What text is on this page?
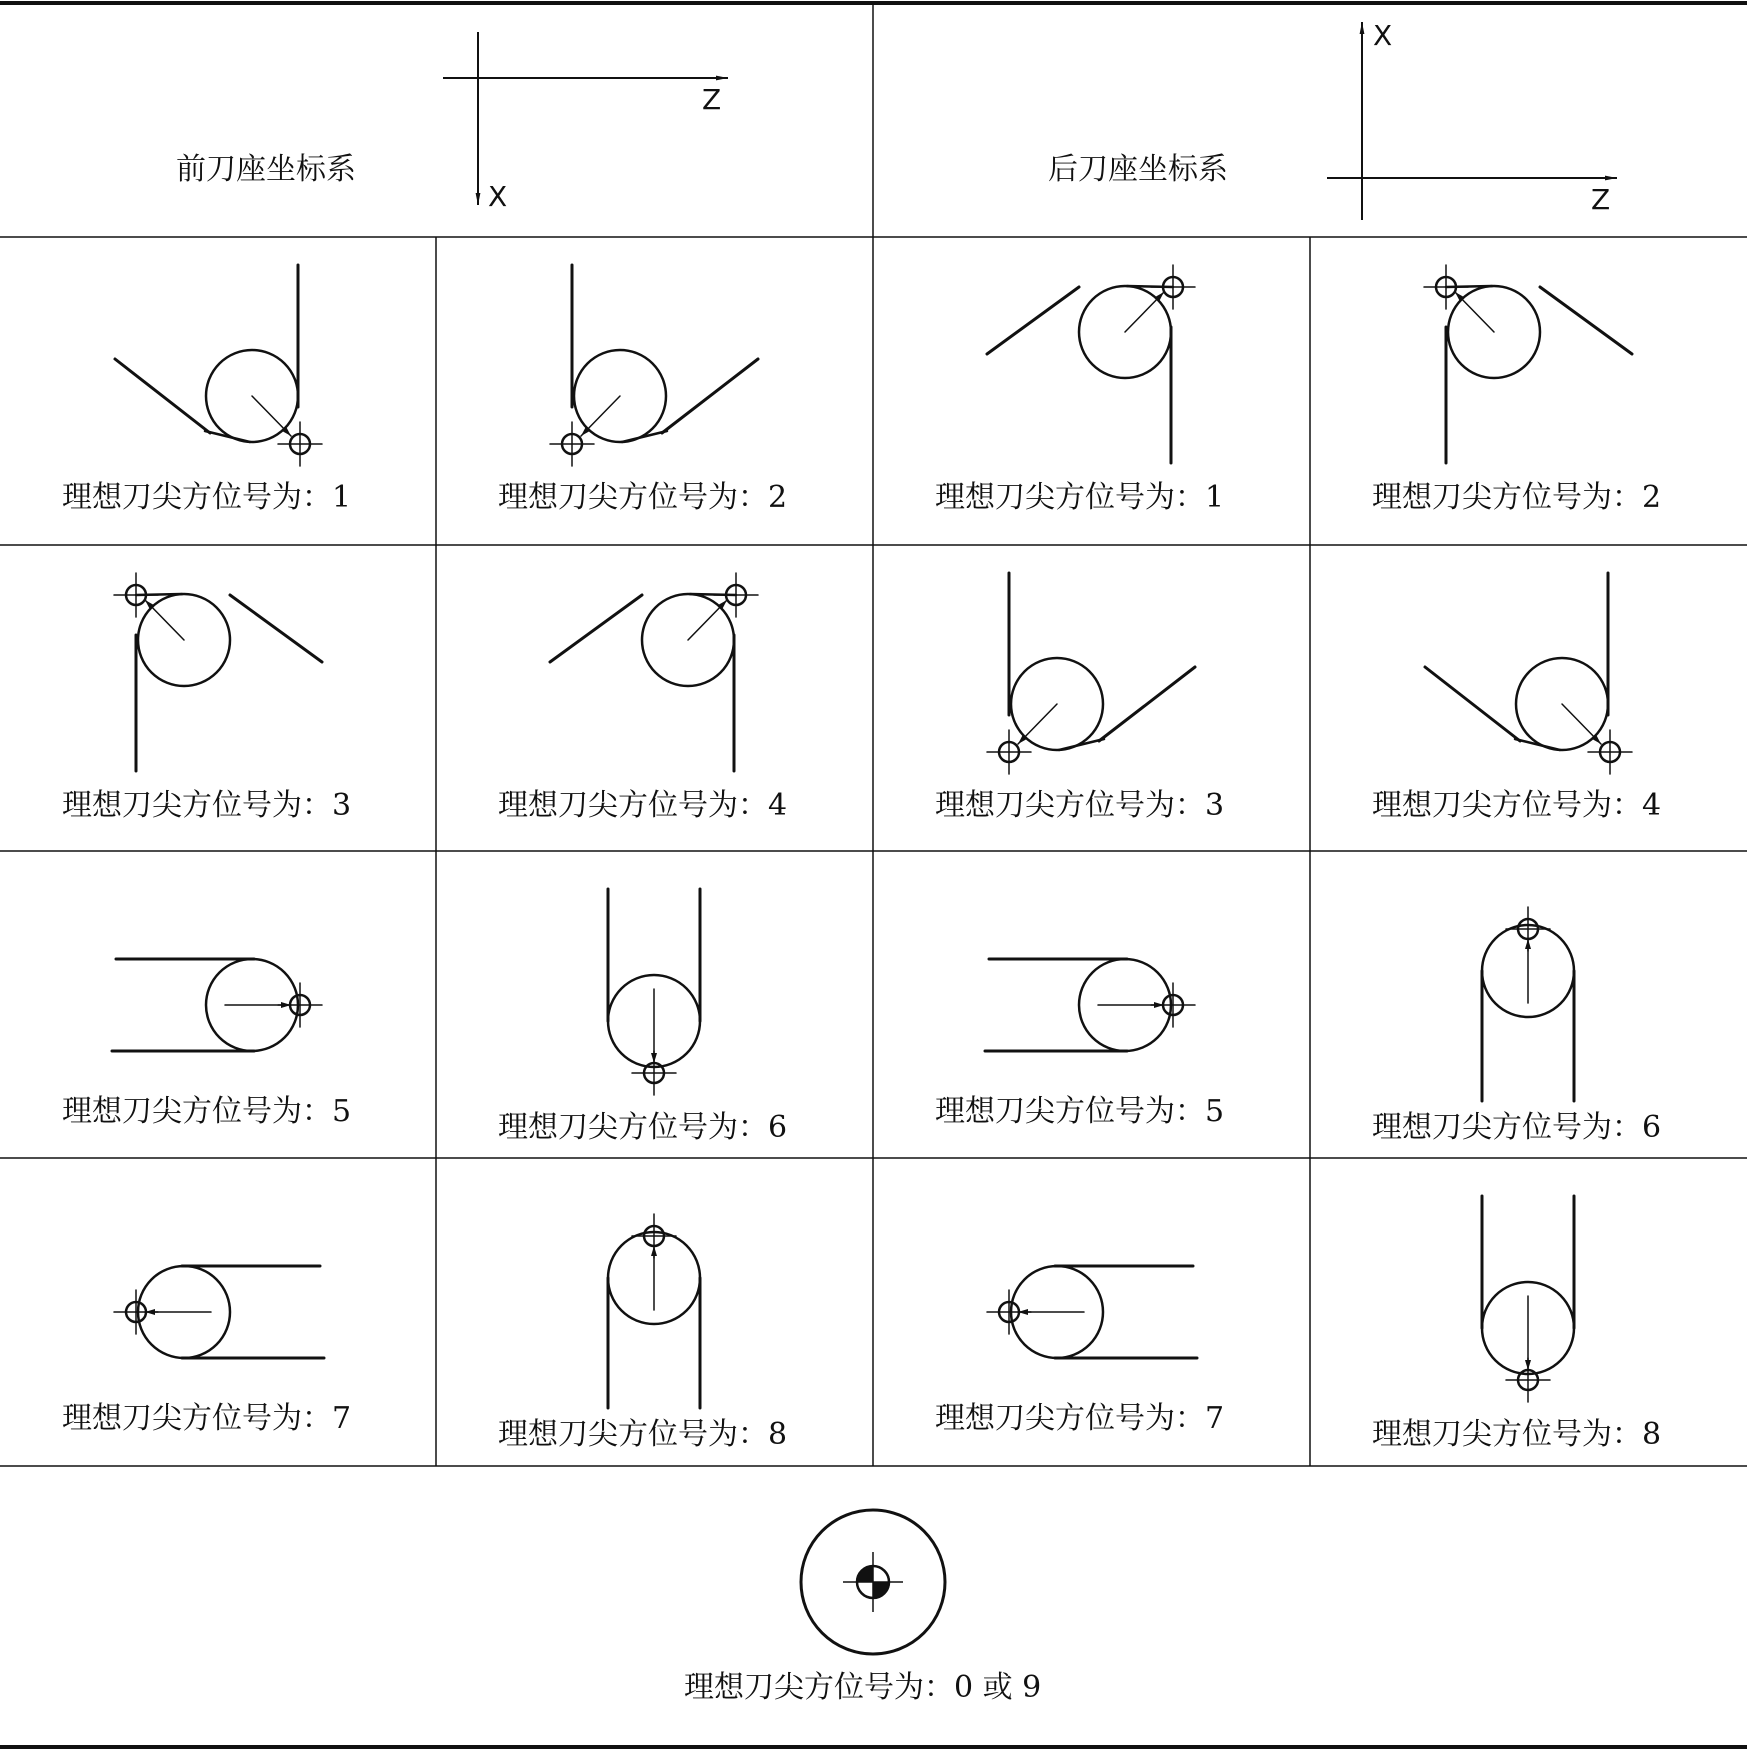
前刀座坐标系	后刀座坐标系
Z
X
X
Z
理想刀尖方位号为：1	理想刀尖方位号为：2	理想刀尖方位号为：1	理想刀尖方位号为：2
理想刀尖方位号为：3	理想刀尖方位号为：4	理想刀尖方位号为：3	理想刀尖方位号为：4
理想刀尖方位号为：5	理想刀尖方位号为：6	理想刀尖方位号为：5	理想刀尖方位号为：6
理想刀尖方位号为：7	理想刀尖方位号为：8	理想刀尖方位号为：7	理想刀尖方位号为：8
理想刀尖方位号为：0 或 9
